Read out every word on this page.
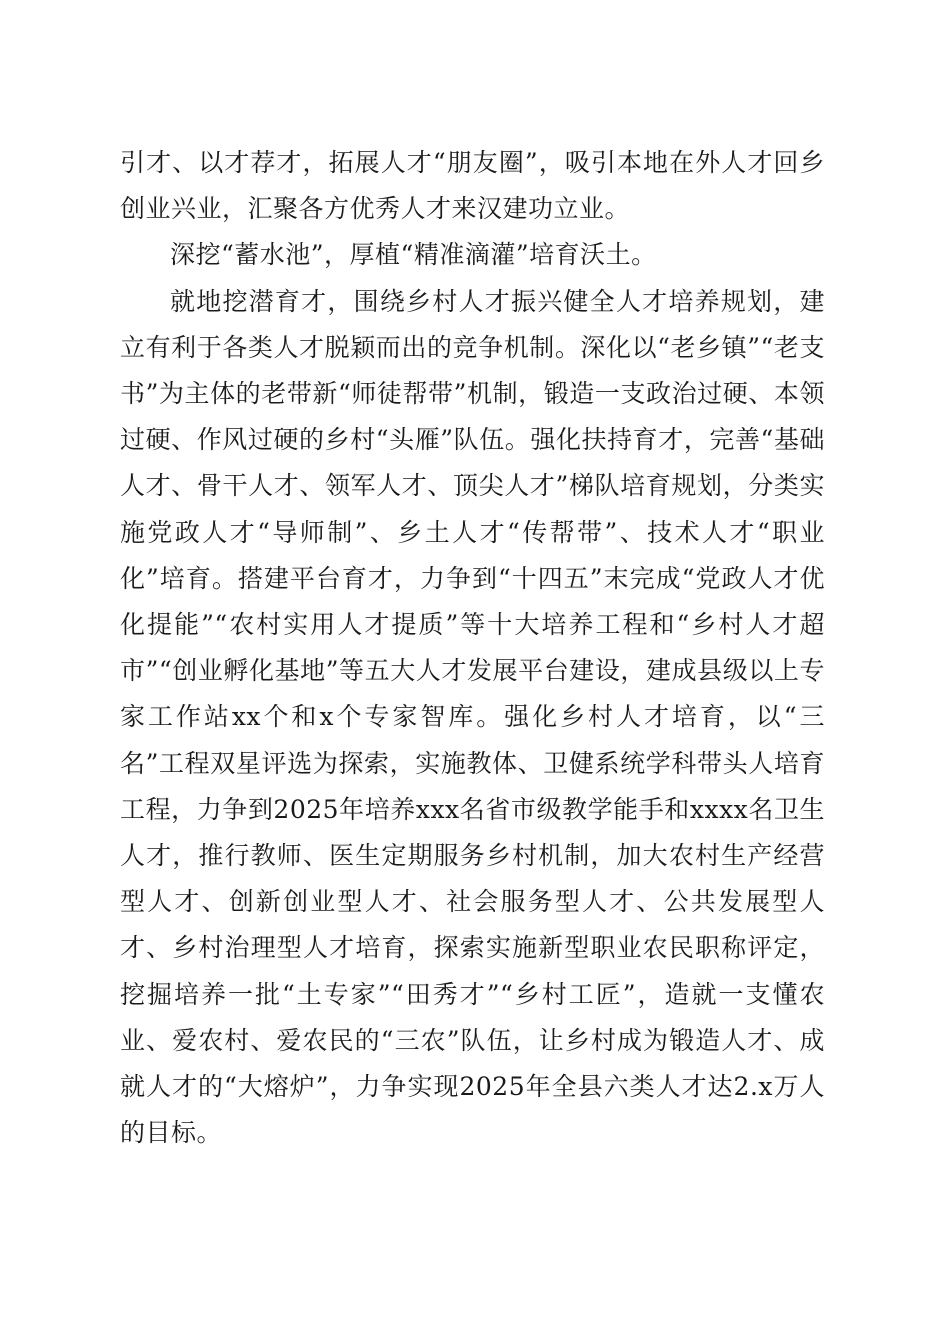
引才、以才荐才，拓展人才“朋友圈”，吸引本地在外人才回乡创业兴业，汇聚各方优秀人才来汉建功立业。

深挖“蓄水池”，厚植“精准滴灌”培育沃土。

就地挖潜育才，围绕乡村人才振兴健全人才培养规划，建立有利于各类人才脱颖而出的竞争机制。深化以“老乡镇”“老支书”为主体的老带新“师徒帮带”机制，锻造一支政治过硬、本领过硬、作风过硬的乡村“头雁”队伍。强化扶持育才，完善“基础人才、骨干人才、领军人才、顶尖人才”梯队培育规划，分类实施党政人才“导师制”、乡土人才“传帮带”、技术人才“职业化”培育。搭建平台育才，力争到“十四五”末完成“党政人才优化提能”“农村实用人才提质”等十大培养工程和“乡村人才超市”“创业孵化基地”等五大人才发展平台建设，建成县级以上专家工作站xx个和x个专家智库。强化乡村人才培育，以“三名”工程双星评选为探索，实施教体、卫健系统学科带头人培育工程，力争到2025年培养xxx名省市级教学能手和xxxx名卫生人才，推行教师、医生定期服务乡村机制，加大农村生产经营型人才、创新创业型人才、社会服务型人才、公共发展型人才、乡村治理型人才培育，探索实施新型职业农民职称评定，挖掘培养一批“土专家”“田秀才”“乡村工匠”，造就一支懂农业、爱农村、爱农民的“三农”队伍，让乡村成为锻造人才、成就人才的“大熔炉”，力争实现2025年全县六类人才达2.x万人的目标。
